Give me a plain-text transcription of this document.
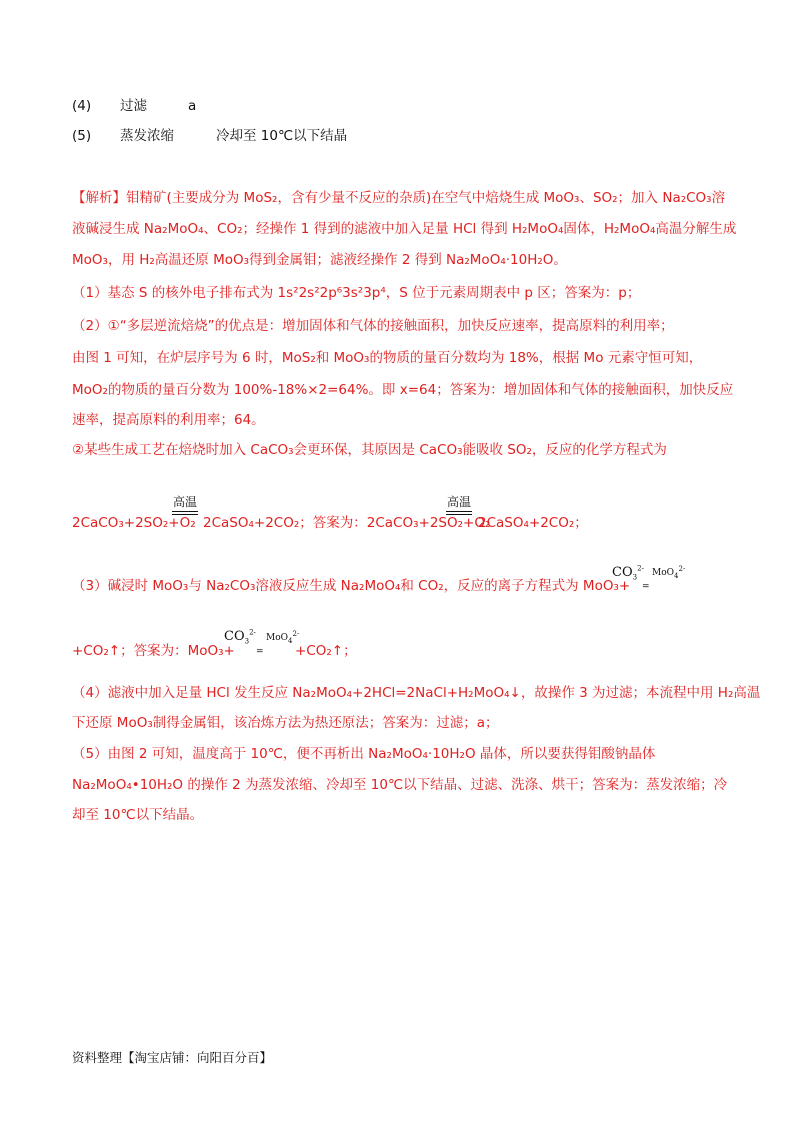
(4) 过滤	a
(5) 蒸发浓缩	冷却至 10℃以下结晶
【解析】钼精矿(主要成分为 MoS₂，含有少量不反应的杂质)在空气中焙烧生成 MoO₃、SO₂；加入 Na₂CO₃溶
液碱浸生成 Na₂MoO₄、CO₂；经操作 1 得到的滤液中加入足量 HCl 得到 H₂MoO₄固体，H₂MoO₄高温分解生成
MoO₃，用 H₂高温还原 MoO₃得到金属钼；滤液经操作 2 得到 Na₂MoO₄·10H₂O。
（1）基态 S 的核外电子排布式为 1s²2s²2p⁶3s²3p⁴，S 位于元素周期表中 p 区；答案为：p；
（2）①“多层逆流焙烧”的优点是：增加固体和气体的接触面积，加快反应速率，提高原料的利用率；
由图 1 可知，在炉层序号为 6 时，MoS₂和 MoO₃的物质的量百分数均为 18%，根据 Mo 元素守恒可知，
MoO₂的物质的量百分数为 100%-18%×2=64%。即 x=64；答案为：增加固体和气体的接触面积，加快反应
速率，提高原料的利用率；64。
②某些生成工艺在焙烧时加入 CaCO₃会更环保，其原因是 CaCO₃能吸收 SO₂，反应的化学方程式为
高温	高温
2CaCO₃+2SO₂+O₂ 2CaSO₄+2CO₂；答案为：2CaCO₃+2SO₂+O₂
2CaSO₄+2CO₂；
（3）碱浸时 MoO₃与 Na₂CO₃溶液反应生成 Na₂MoO₄和 CO₂，反应的离子方程式为 MoO₃+
$CO_3^{2-}$
=
MoO$_4^{2-}$
+CO₂↑；答案为：MoO₃+
$CO_3^{2-}$
=
MoO$_4^{2-}$
+CO₂↑；
（4）滤液中加入足量 HCl 发生反应 Na₂MoO₄+2HCl=2NaCl+H₂MoO₄↓，故操作 3 为过滤；本流程中用 H₂高温
下还原 MoO₃制得金属钼，该冶炼方法为热还原法；答案为：过滤；a；
（5）由图 2 可知，温度高于 10℃，便不再析出 Na₂MoO₄·10H₂O 晶体，所以要获得钼酸钠晶体
Na₂MoO₄•10H₂O 的操作 2 为蒸发浓缩、冷却至 10℃以下结晶、过滤、洗涤、烘干；答案为：蒸发浓缩；冷
却至 10℃以下结晶。
资料整理【淘宝店铺：向阳百分百】
